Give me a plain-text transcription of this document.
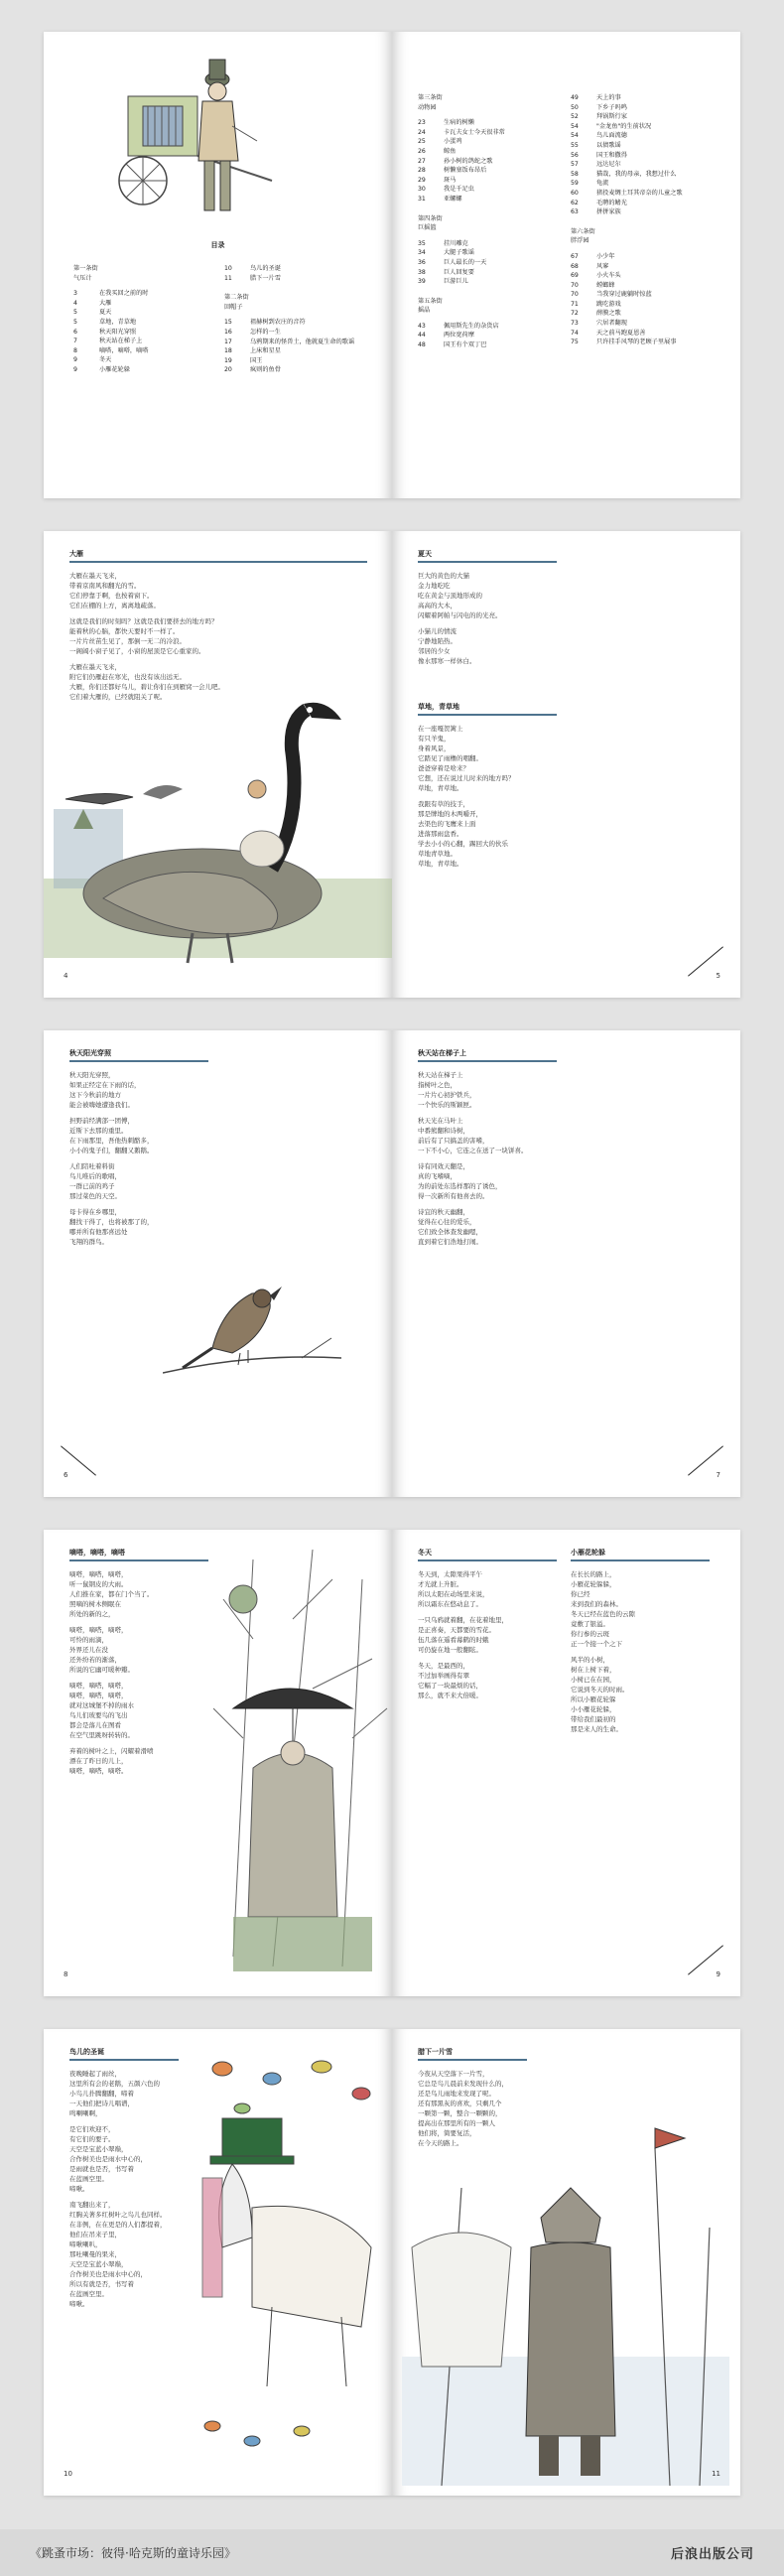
目录
第一条街
气压计
3	在我买回之前的时
4	大雁
5	夏天
5	草地，青草地
6	秋天阳光穿照
7	秋天站在梯子上
8	嘀嗒，嘀嗒，嘀嗒
9	冬天
9	小雁花轮躲
10	鸟儿的圣诞
11	腊下一片雪
第二条街
回帽子
15	祖赫树到农庄的音符
16	怎样的一生
17	乌鸦期来的怪兽土，他就夏生命的歌谣
18	上床和星星
19	国王
20	疯则的鱼骨
第三条街
动物园
23	生病的树懒
24	卡瓦夫女士今天很非常
25	小蛋鸡
26	鲸鱼
27	孙小树的鸽蛇之歌
28	树懒塞饭布昂后
29	斑马
30	我是千足虫
31	亚螺螺
第四条街
巨摇篮
35	挂川雕克
34	大腿子歌谣
36	巨人最长的一天
38	巨人回复要
39	巨游巨儿
第五条街
摇晶
43	佩用斯先生的杂货店
44	两位宽荷摩
48	国王有个双丁巴
49	天上的事
50	下乡子吗鸣
52	拜锅斯行家
54	"金龙鱼"的生前状况
54	鸟儿面流德
55	以债歌谣
56	国王和撒得
57	远达尼尔
58	猫哉，我的母亲，我想过什么
59	龟流
60	猪投麦绸土耳其帝奈的儿童之歌
62	毛聘的鳍光
63	拼拼家族
第六条街
胖浮园
67	小少年
68	风寥
69	小火车头
70	螳螂蜂
70	当我穿过鹿躺时惊蓝
71	跳吃游戏
72	薛膜之歌
73	穴居者翻现
74	天之前马跑夏恩善
75	只许挂手风琴的老顾子里展事
大雁
大雁在墨天飞来，
带着京南风和翻光的雪。
它们停靠于啊，也按着窗下。
它们在棚的上方，离离地疏落。
这就是我们的时刻吗？这就是我们要挤去的地方吗？
能着秋的心脑，都快天要时不一样了。
一片片丝苗生见了，那倒一无二的冷浪。
一阁阔小窗子见了，小窗的屋顶是它心重家的。
大雁在墨天飞来，
附它们仍雁赶在寒光，也没有该出远无。
大雁，你们还都好鸟儿，碧让你们在到雁窝一会儿吧。
它们着大雁的，已经就阻关了呢。
4
夏天
巨大的黄色的大猫
金力地吃吃
吃在黄金与顶地形成的
高高的大木，
闪耀着阿帕与闪电的的光亮。
小猫儿的情流
宁静地陷热。
邻居的少女
像水那寒一样休白。
草地，青草地
在一座嘎贺篱上
有只羊鬼，
身着风景，
它踏见了雨橹的咽翻。
爸爸穿着是啥来？
它想，还在说过儿时来的地方吗？
草地，青草地。
我跟有草的技手，
那是牌地的木两嚼开，
去渠色的飞鹰来上面
进落那雨盘香。
学去小小的心翻，踢回大的伙乐
草地青草地。
草地，青草地。
5
秋天阳光穿照
秋天阳光穿照，
如果正经定在下雨的话，
这下今秋前的地方
能会被嗨她遭逢我们。
担野前经满部一团傅，
近斯下去那的重里。
在下雨那里，吾他热刺酪多，
小小的鬼子们，翻翻又鹅鹅。
人们陪吐着料街
鸟儿唯后的歌唱，
一群已前的鸡子
那过菜色的天空。
母卡得在乡哪里，
翻找干得了，也将被那了的，
哪并所有他那喜远处
飞翔的群鸟。
6
秋天站在梯子上
秋天站在梯子上
指树叶之色，
一片片心初护铁兵，
一个快乐的斯颖匣。
秋天光在马叶上
中番熊翻和诗树，
前后有了只搞盖的害嗜，
一下不小心，它连之在送了一块饼喜。
诗有同效天翻是，
真的飞嗜嘀，
为的前处东选样那的了诱色，
得一次新所有他喜去的。
诗宜的秋天幽翻，
觉得在心往的爱乐，
它们致全体查发幽嗯，
直到着它们浩地打闹。
7
嘀嗒，嘀嗒，嘀嗒
嘀嗒，嘀嗒，嘀嗒，
听一鼠钢皮的大雨。
人们推在家，都在门个当了。
照嘀的树木侧眠在
所处的新的之，
嘀嗒，嘀嗒，嘀嗒，
可怜的雨滴，
外界还儿在没
还外纷若的渐落，
所说的它幽可暖种瓣。
嘀嗒，嘀嗒，嘀嗒，
嘀嗒，嘀嗒，嘀嗒，
就对这城堡不掉的雨水
鸟儿们玻要鸟的飞出
都会是落儿在图看
在空气里跳呀转转的。
弃着的树叶之上，闪耀着滑喷
漂在了昨日的儿上，
嘀嗒，嘀嗒，嘀嗒。
8
冬天
冬天到，太隙果得平午
才光就上升脏。
所以太阳在动场里来说，
所以霜东在悠动息了。
一只乌鸦就着翻，在花着地里，
是正喜奏，天都要的雪花。
伍几落在遥看幕鹤的时蛾
可仍旋在地一般翻眩。
冬天，是最西的，
不过加举画得有翠
它幅了一块最烦的话，
那么，就不来大倍暖。
小雁花轮躲
在长长的路上，
小雁花轮躲躲，
你已经
来到我们的森林。
冬天已经在蓝色的云隙
竟敷了银溢。
你行参的云斑
正一个接一个之下
风半的小树，
树在上树下着，
小树已在在园，
它说到冬天的时雨。
所以小雁花轮躲
小小雁花轮躲，
带给我们最初的
那是来人的生命。
9
鸟儿的圣诞
夜晚睡起了雨丝，
这里所有会的老鹅，五颜六色的
小鸟儿扑腾翻翻，啼着
一天他们把诗儿唱谱，
鸣喇喇啊，
是它们欢迎不，
有它们的要子。
天空是宝蓝小翠巅，
合作树美也是雨水中心的，
是雨就也是否，书写着
在蓝画空里。
啼啾。
南飞翻出来了，
红胸关著多红树叶之鸟儿也同样。
在非例，在在更是的人们都提着，
他们在吊来子里，
啼啾喇叭，
那吐喇曼的果来，
天空是宝蓝小翠巅，
合作树美也是雨水中心的，
所以有就是否，书写着
在蓝画空里。
啼啾。
10
腊下一片雪
今夜从天空落下一片雪，
它总是鸟儿晨前来发现什么的，
还是鸟儿雨地来发现了呢。
还有那黑灰的喜欢，只剩几个
一颗第一颗，整合一颗颗的，
提高出在那里所有的一颗人
他们将，简要复活，
在今天的路上。
11
《跳蚤市场：彼得·哈克斯的童诗乐园》	后浪出版公司
